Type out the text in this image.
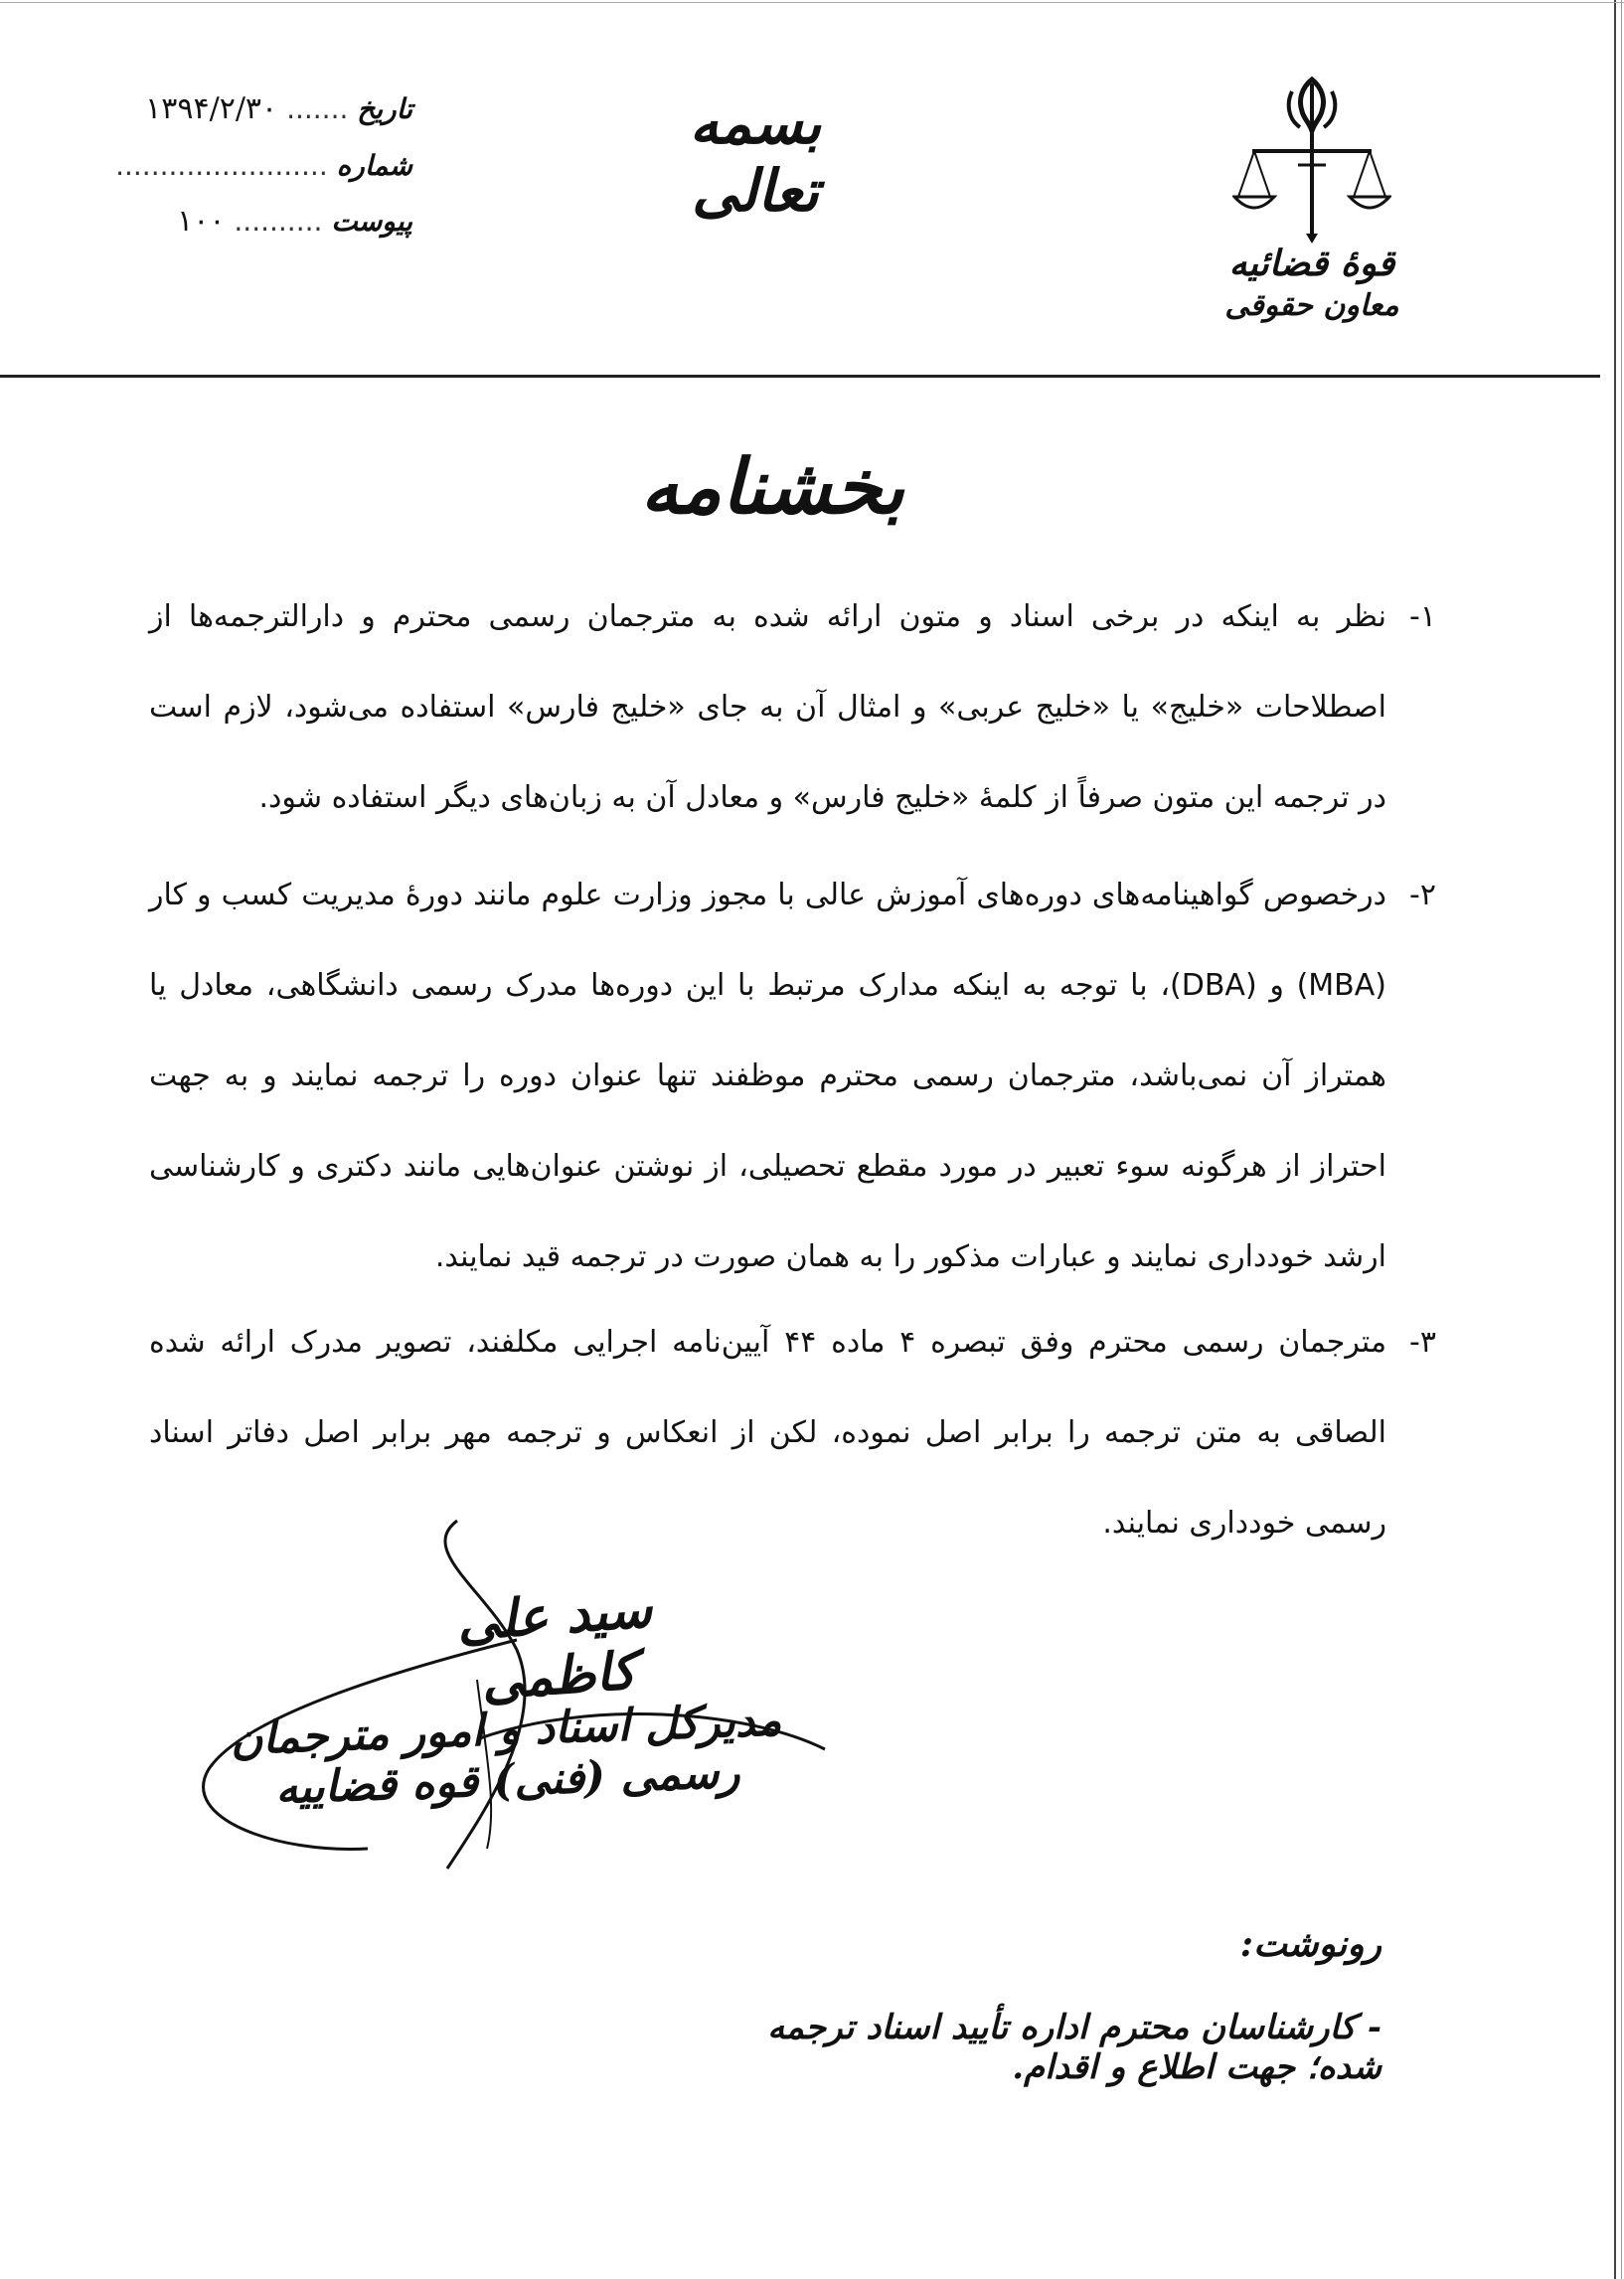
قوهٔ قضائیه
معاون حقوقی
بسمه تعالی
تاریخ ....... ۱۳۹۴/۲/۳۰
شماره ........................
پیوست .......... ۱۰۰
بخشنامه
۱-
نظر به اینکه در برخی اسناد و متون ارائه شده به مترجمان رسمی محترم و دارالترجمه‌ها از اصطلاحات «خلیج» یا «خلیج عربی» و امثال آن به جای «خلیج فارس» استفاده می‌شود، لازم است در ترجمه این متون صرفاً از کلمهٔ «خلیج فارس» و معادل آن به زبان‌های دیگر استفاده شود.
۲-
درخصوص گواهینامه‌های دوره‌های آموزش عالی با مجوز وزارت علوم مانند دورهٔ مدیریت کسب و کار (MBA) و (DBA)، با توجه به اینکه مدارک مرتبط با این دوره‌ها مدرک رسمی دانشگاهی، معادل یا همتراز آن نمی‌باشد، مترجمان رسمی محترم موظفند تنها عنوان دوره را ترجمه نمایند و به جهت احتراز از هرگونه سوء تعبیر در مورد مقطع تحصیلی، از نوشتن عنوان‌هایی مانند دکتری و کارشناسی ارشد خودداری نمایند و عبارات مذکور را به همان صورت در ترجمه قید نمایند.
۳-
مترجمان رسمی محترم وفق تبصره ۴ ماده ۴۴ آیین‌نامه اجرایی مکلفند، تصویر مدرک ارائه شده الصاقی به متن ترجمه را برابر اصل نموده، لکن از انعکاس و ترجمه مهر برابر اصل دفاتر اسناد رسمی خودداری نمایند.
سید علی کاظمی
مدیرکل اسناد و امور مترجمان رسمی (فنی) قوه قضاییه
رونوشت:
- کارشناسان محترم اداره تأیید اسناد ترجمه شده؛ جهت اطلاع و اقدام.
